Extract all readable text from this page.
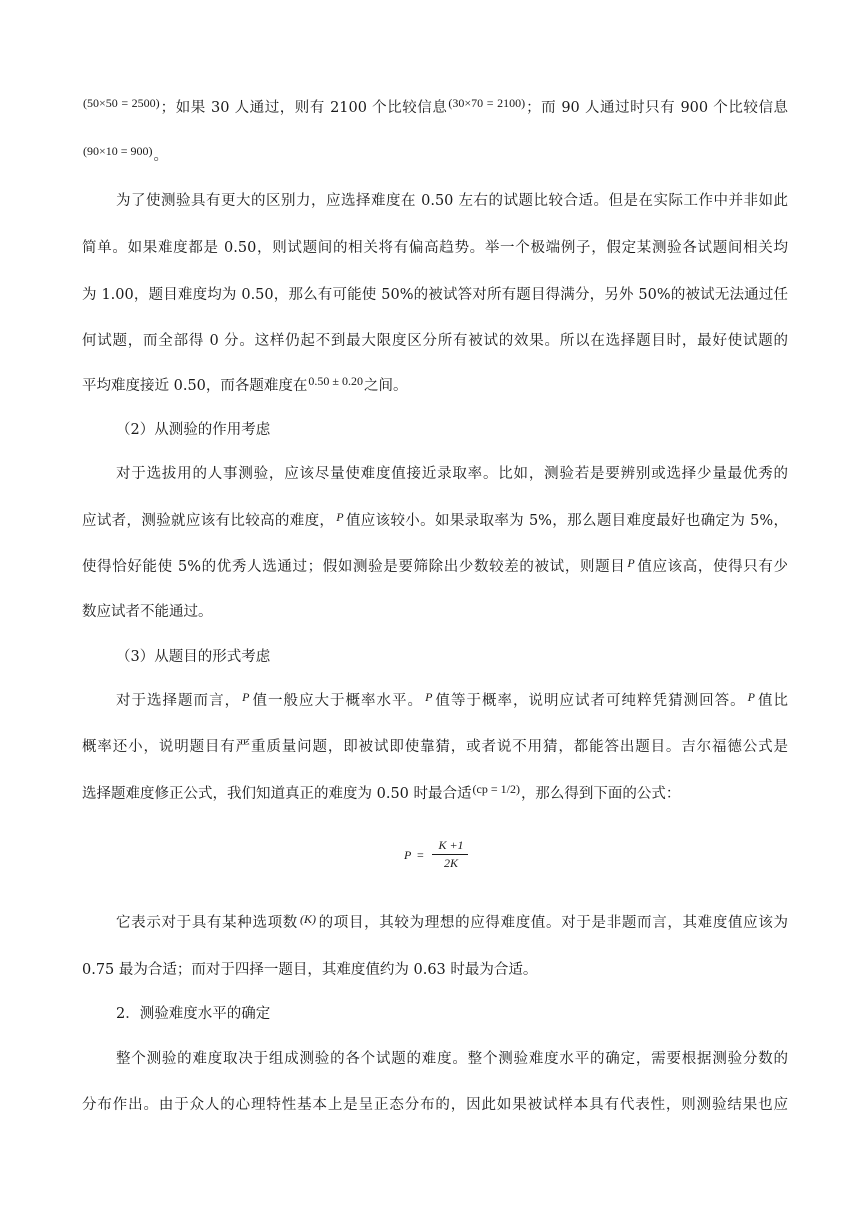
$^{(50\times 50 = 2500)}$；如果 30 人通过，则有 2100 个比较信息$^{(30\times 70 = 2100)}$；而 90 人通过时只有 900 个比较信息
$^{(90\times 10 = 900)}$。
为了使测验具有更大的区别力，应选择难度在 0.50 左右的试题比较合适。但是在实际工作中并非如此
简单。如果难度都是 0.50，则试题间的相关将有偏高趋势。举一个极端例子，假定某测验各试题间相关均
为 1.00，题目难度均为 0.50，那么有可能使 50%的被试答对所有题目得满分，另外 50%的被试无法通过任
何试题，而全部得 0 分。这样仍起不到最大限度区分所有被试的效果。所以在选择题目时，最好使试题的
平均难度接近 0.50，而各题难度在$^{0.50 \pm 0.20}$之间。
（2）从测验的作用考虑
对于选拔用的人事测验，应该尽量使难度值接近录取率。比如，测验若是要辨别或选择少量最优秀的
应试者，测验就应该有比较高的难度， $^P$ 值应该较小。如果录取率为 5%，那么题目难度最好也确定为 5%，
使得恰好能使 5%的优秀人选通过；假如测验是要筛除出少数较差的被试，则题目 $^P$ 值应该高，使得只有少
数应试者不能通过。
（3）从题目的形式考虑
对于选择题而言， $^P$ 值一般应大于概率水平。 $^P$ 值等于概率，说明应试者可纯粹凭猜测回答。 $^P$ 值比
概率还小，说明题目有严重质量问题，即被试即使靠猜，或者说不用猜，都能答出题目。吉尔福德公式是
选择题难度修正公式，我们知道真正的难度为 0.50 时最合适$^{(cp = 1/2)}$，那么得到下面的公式：
P =
K +1
2K
它表示对于具有某种选项数 $^{(K)}$ 的项目，其较为理想的应得难度值。对于是非题而言，其难度值应该为
0.75 最为合适；而对于四择一题目，其难度值约为 0.63 时最为合适。
2．测验难度水平的确定
整个测验的难度取决于组成测验的各个试题的难度。整个测验难度水平的确定，需要根据测验分数的
分布作出。由于众人的心理特性基本上是呈正态分布的，因此如果被试样本具有代表性，则测验结果也应
